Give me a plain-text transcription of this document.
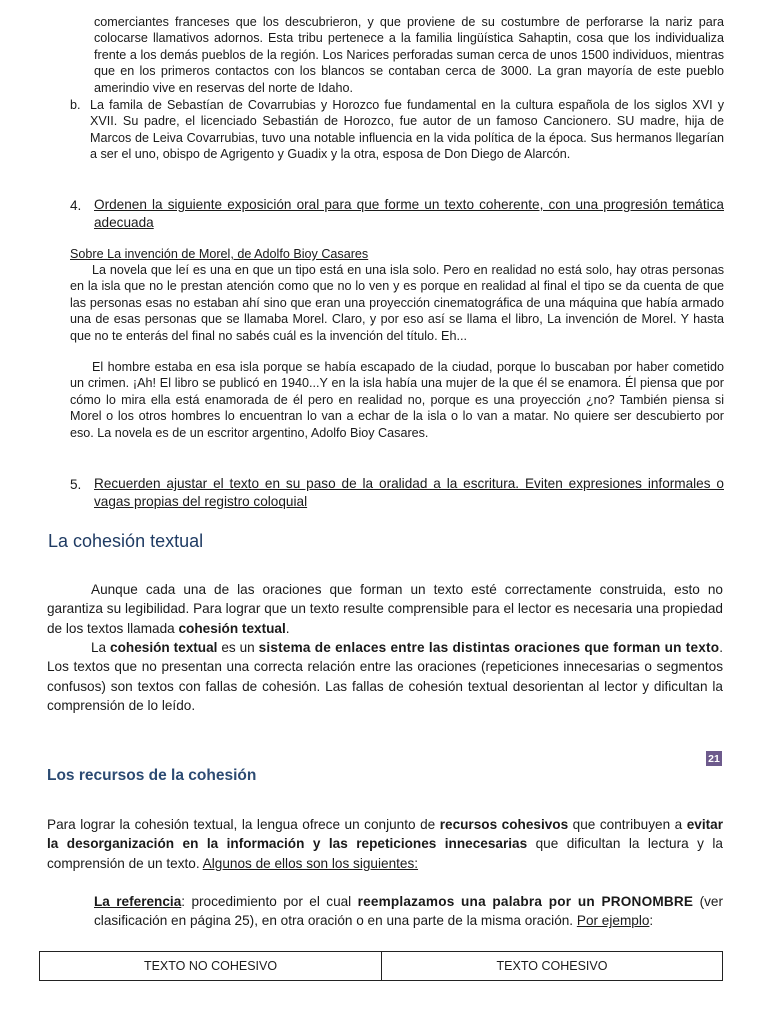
comerciantes franceses que los descubrieron, y que proviene de su costumbre de perforarse la nariz para colocarse llamativos adornos. Esta tribu pertenece a la familia lingüística Sahaptin, cosa que los individualiza frente a los demás pueblos de la región. Los Narices perforadas suman cerca de unos 1500 individuos, mientras que en los primeros contactos con los blancos se contaban cerca de 3000. La gran mayoría de este pueblo amerindio vive en reservas del norte de Idaho.

b. La famila de Sebastían de Covarrubias y Horozco fue fundamental en la cultura española de los siglos XVI y XVII. Su padre, el licenciado Sebastián de Horozco, fue autor de un famoso Cancionero. SU madre, hija de Marcos de Leiva Covarrubias, tuvo una notable influencia en la vida política de la época. Sus hermanos llegarían a ser el uno, obispo de Agrigento y Guadix y la otra, esposa de Don Diego de Alarcón.

4. Ordenen la siguiente exposición oral para que forme un texto coherente, con una progresión temática adecuada

Sobre La invención de Morel, de Adolfo Bioy Casares

La novela que leí es una en que un tipo está en una isla solo. Pero en realidad no está solo, hay otras personas en la isla que no le prestan atención como que no lo ven y es porque en realidad al final el tipo se da cuenta de que las personas esas no estaban ahí sino que eran una proyección cinematográfica de una máquina que había armado una de esas personas que se llamaba Morel. Claro, y por eso así se llama el libro, La invención de Morel. Y hasta que no te enterás del final no sabés cuál es la invención del título. Eh...

El hombre estaba en esa isla porque se había escapado de la ciudad, porque lo buscaban por haber cometido un crimen. ¡Ah! El libro se publicó en 1940...Y en la isla había una mujer de la que él se enamora. Él piensa que por cómo lo mira ella está enamorada de él pero en realidad no, porque es una proyección ¿no? También piensa si Morel o los otros hombres lo encuentran lo van a echar de la isla o lo van a matar. No quiere ser descubierto por eso. La novela es de un escritor argentino, Adolfo Bioy Casares.

5. Recuerden ajustar el texto en su paso de la oralidad a la escritura. Eviten expresiones informales o vagas propias del registro coloquial

La cohesión textual

Aunque cada una de las oraciones que forman un texto esté correctamente construida, esto no garantiza su legibilidad. Para lograr que un texto resulte comprensible para el lector es necesaria una propiedad de los textos llamada cohesión textual.

La cohesión textual es un sistema de enlaces entre las distintas oraciones que forman un texto. Los textos que no presentan una correcta relación entre las oraciones (repeticiones innecesarias o segmentos confusos) son textos con fallas de cohesión. Las fallas de cohesión textual desorientan al lector y dificultan la comprensión de lo leído.

21
Los recursos de la cohesión

Para lograr la cohesión textual, la lengua ofrece un conjunto de recursos cohesivos que contribuyen a evitar la desorganización en la información y las repeticiones innecesarias que dificultan la lectura y la comprensión de un texto. Algunos de ellos son los siguientes:

La referencia: procedimiento por el cual reemplazamos una palabra por un PRONOMBRE (ver clasificación en página 25), en otra oración o en una parte de la misma oración. Por ejemplo:

TEXTO NO COHESIVO	TEXTO COHESIVO
